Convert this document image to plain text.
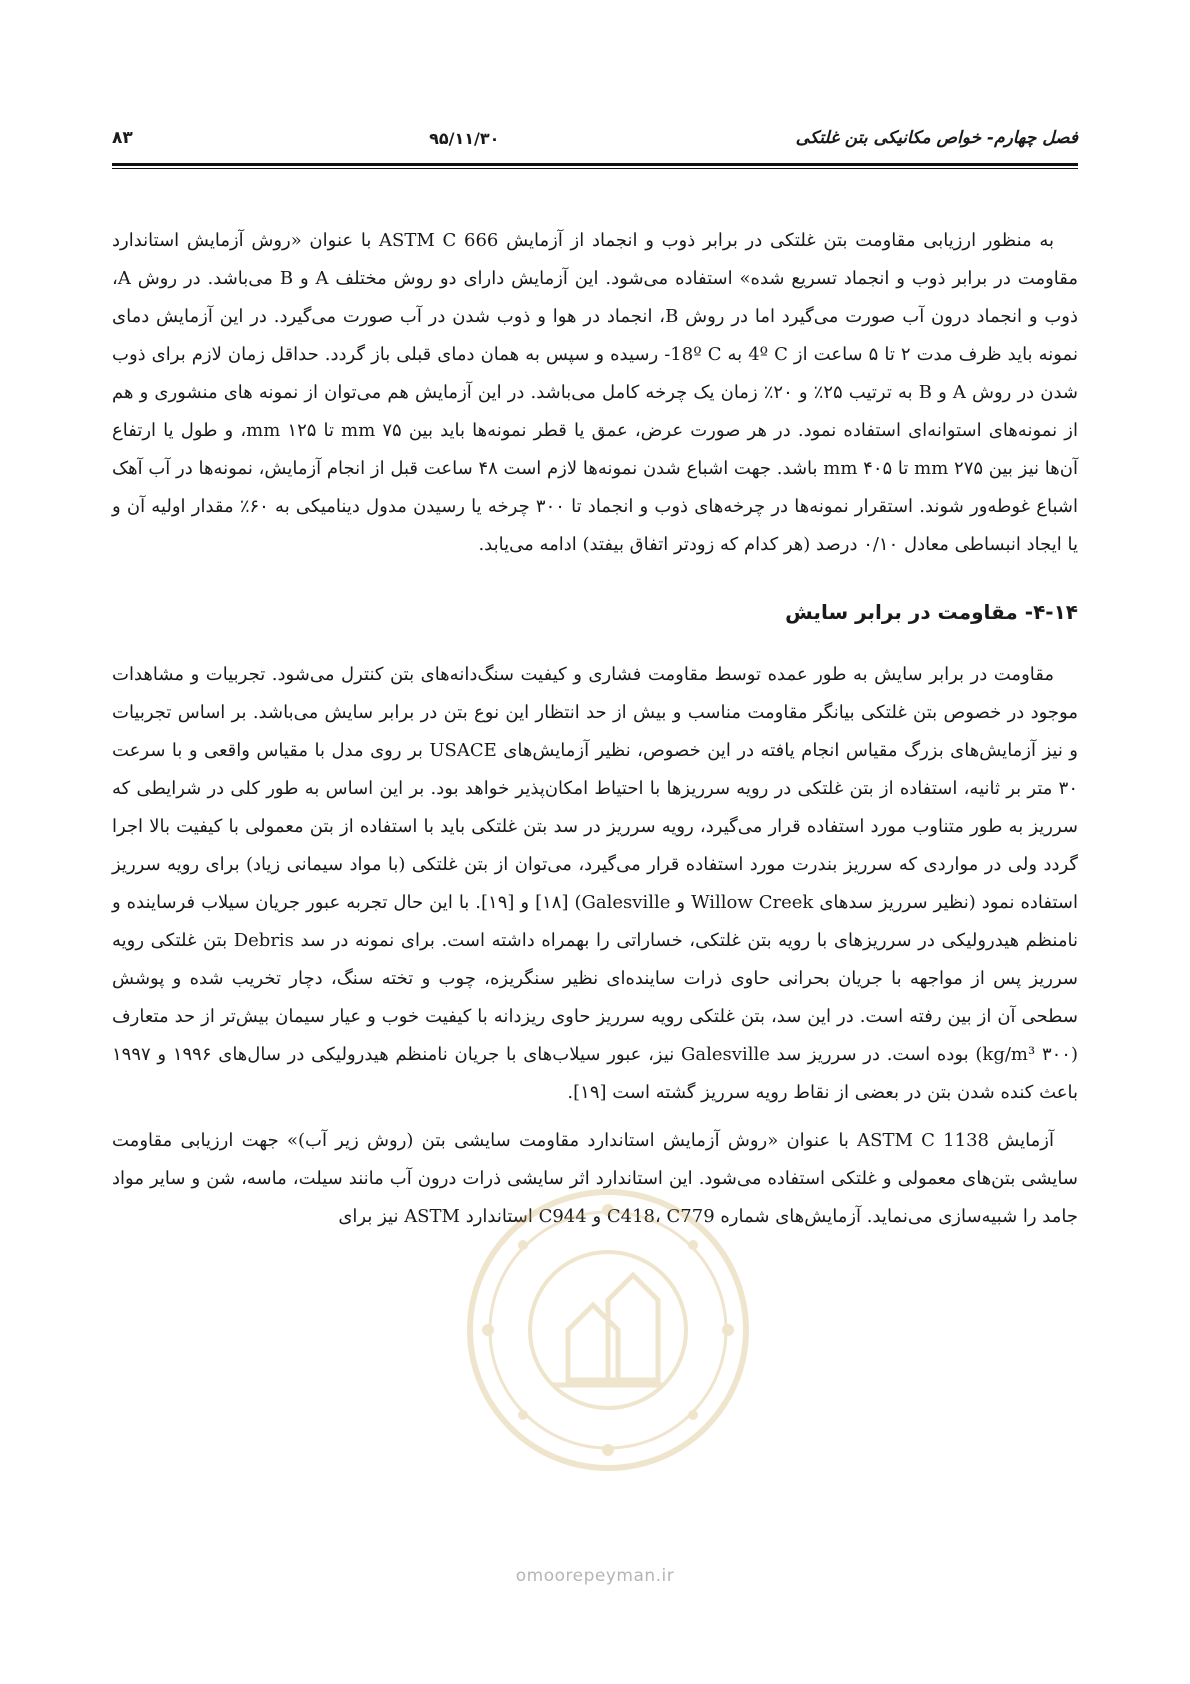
۸۳	۹۵/۱۱/۳۰	فصل چهارم- خواص مکانیکی بتن غلتکی

به منظور ارزیابی مقاومت بتن غلتکی در برابر ذوب و انجماد از آزمایش ASTM C 666 با عنوان «روش آزمایش استاندارد مقاومت در برابر ذوب و انجماد تسریع شده» استفاده می‌شود. این آزمایش دارای دو روش مختلف A و B می‌باشد. در روش A، ذوب و انجماد درون آب صورت می‌گیرد اما در روش B، انجماد در هوا و ذوب شدن در آب صورت می‌گیرد. در این آزمایش دمای نمونه باید ظرف مدت ۲ تا ۵ ساعت از 4º C به 18º C- رسیده و سپس به همان دمای قبلی باز گردد. حداقل زمان لازم برای ذوب شدن در روش A و B به ترتیب ۲۵٪ و ۲۰٪ زمان یک چرخه کامل می‌باشد. در این آزمایش هم می‌توان از نمونه های منشوری و هم از نمونه‌های استوانه‌ای استفاده نمود. در هر صورت عرض، عمق یا قطر نمونه‌ها باید بین ۷۵ mm تا ۱۲۵ mm، و طول یا ارتفاع آن‌ها نیز بین ۲۷۵ mm تا ۴۰۵ mm باشد. جهت اشباع شدن نمونه‌ها لازم است ۴۸ ساعت قبل از انجام آزمایش، نمونه‌ها در آب آهک اشباع غوطه‌ور شوند. استقرار نمونه‌ها در چرخه‌های ذوب و انجماد تا ۳۰۰ چرخه یا رسیدن مدول دینامیکی به ۶۰٪ مقدار اولیه آن و یا ایجاد انبساطی معادل ۰/۱۰ درصد (هر کدام که زودتر اتفاق بیفتد) ادامه می‌یابد.

۴-۱۴- مقاومت در برابر سایش

مقاومت در برابر سایش به طور عمده توسط مقاومت فشاری و کیفیت سنگ‌دانه‌های بتن کنترل می‌شود. تجربیات و مشاهدات موجود در خصوص بتن غلتکی بیانگر مقاومت مناسب و بیش از حد انتظار این نوع بتن در برابر سایش می‌باشد. بر اساس تجربیات و نیز آزمایش‌های بزرگ مقیاس انجام یافته در این خصوص، نظیر آزمایش‌های USACE بر روی مدل با مقیاس واقعی و با سرعت ۳۰ متر بر ثانیه، استفاده از بتن غلتکی در رویه سرریزها با احتیاط امکان‌پذیر خواهد بود. بر این اساس به طور کلی در شرایطی که سرریز به طور متناوب مورد استفاده قرار می‌گیرد، رویه سرریز در سد بتن غلتکی باید با استفاده از بتن معمولی با کیفیت بالا اجرا گردد ولی در مواردی که سرریز بندرت مورد استفاده قرار می‌گیرد، می‌توان از بتن غلتکی (با مواد سیمانی زیاد) برای رویه سرریز استفاده نمود (نظیر سرریز سدهای Willow Creek و Galesville) [۱۸] و [۱۹]. با این حال تجربه عبور جریان سیلاب فرساینده و نامنظم هیدرولیکی در سرریزهای با رویه بتن غلتکی، خساراتی را بهمراه داشته است. برای نمونه در سد Debris بتن غلتکی رویه سرریز پس از مواجهه با جریان بحرانی حاوی ذرات ساینده‌ای نظیر سنگریزه، چوب و تخته سنگ، دچار تخریب شده و پوشش سطحی آن از بین رفته است. در این سد، بتن غلتکی رویه سرریز حاوی ریزدانه با کیفیت خوب و عیار سیمان بیش‌تر از حد متعارف (۳۰۰ kg/m³) بوده است. در سرریز سد Galesville نیز، عبور سیلاب‌های با جریان نامنظم هیدرولیکی در سال‌های ۱۹۹۶ و ۱۹۹۷ باعث کنده شدن بتن در بعضی از نقاط رویه سرریز گشته است [۱۹].

آزمایش ASTM C 1138 با عنوان «روش آزمایش استاندارد مقاومت سایشی بتن (روش زیر آب)» جهت ارزیابی مقاومت سایشی بتن‌های معمولی و غلتکی استفاده می‌شود. این استاندارد اثر سایشی ذرات درون آب مانند سیلت، ماسه، شن و سایر مواد جامد را شبیه‌سازی می‌نماید. آزمایش‌های شماره C418، C779 و C944 استاندارد ASTM نیز برای

omoorepeyman.ir
